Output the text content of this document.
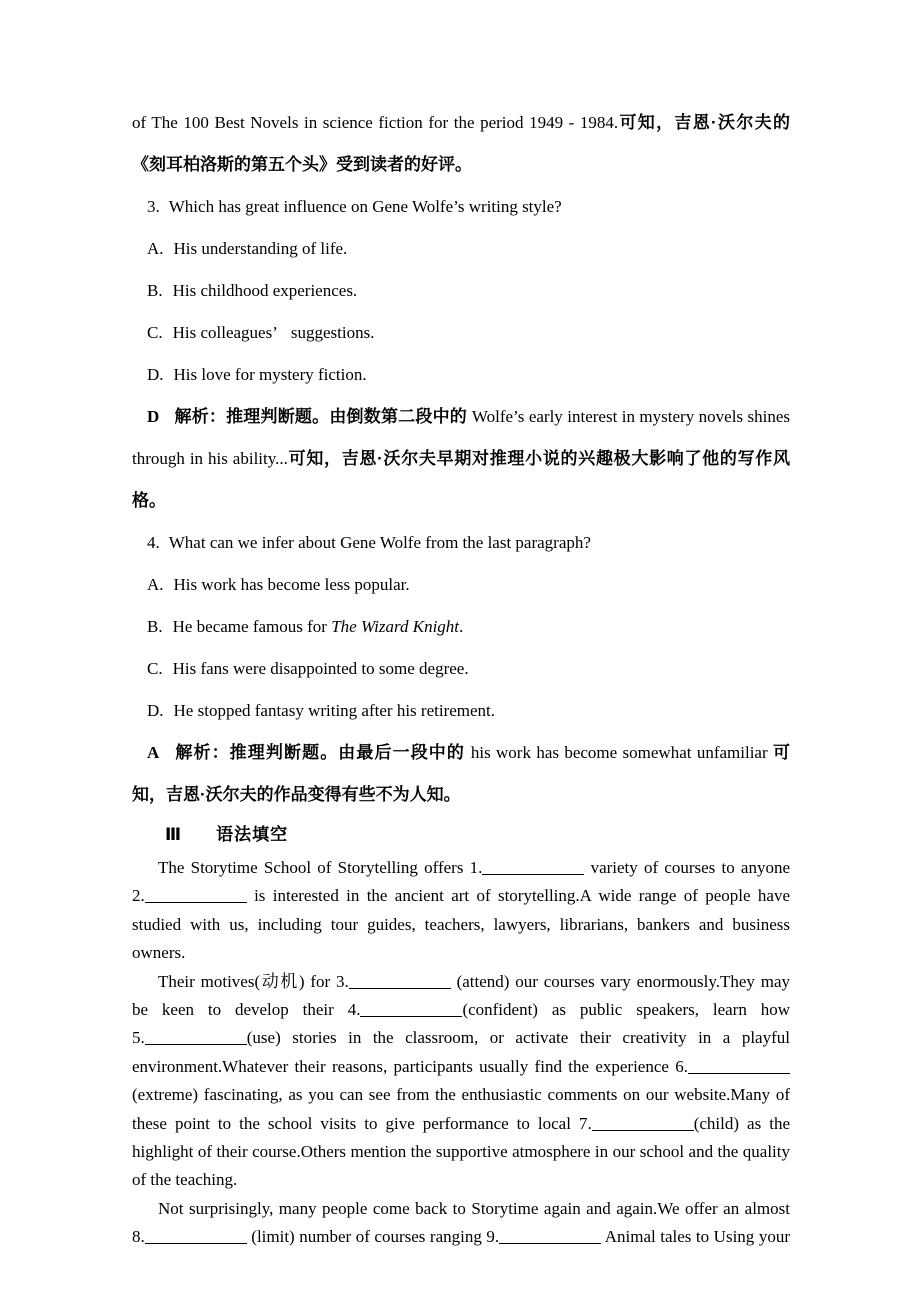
of The 100 Best Novels in science fiction for the period 1949 - 1984.可知，吉恩·沃尔夫的《刻耳柏洛斯的第五个头》受到读者的好评。

3. Which has great influence on Gene Wolfe’s writing style?

A. His understanding of life.

B. His childhood experiences.

C. His colleagues’ suggestions.

D. His love for mystery fiction.

D 解析：推理判断题。由倒数第二段中的 Wolfe’s early interest in mystery novels shines through in his ability...可知，吉恩·沃尔夫早期对推理小说的兴趣极大影响了他的写作风格。

4. What can we infer about Gene Wolfe from the last paragraph?

A. His work has become less popular.

B. He became famous for The Wizard Knight.

C. His fans were disappointed to some degree.

D. He stopped fantasy writing after his retirement.

A 解析：推理判断题。由最后一段中的 his work has become somewhat unfamiliar 可知，吉恩·沃尔夫的作品变得有些不为人知。

Ⅲ 语法填空

The Storytime School of Storytelling offers 1.	variety of courses to anyone 2.	is interested in the ancient art of storytelling.A wide range of people have studied with us, including tour guides, teachers, lawyers, librarians, bankers and business owners.

Their motives(动机) for 3.	(attend) our courses vary enormously.They may be keen to develop their 4.	(confident) as public speakers, learn how 5.	(use) stories in the classroom, or activate their creativity in a playful environment.Whatever their reasons, participants usually find the experience 6.(extreme) fascinating, as you can see from the enthusiastic comments on our website.Many of these point to the school visits to give performance to local 7.	(child) as the highlight of their course.Others mention the supportive atmosphere in our school and the quality of the teaching.

Not surprisingly, many people come back to Storytime again and again.We offer an almost 8.	(limit) number of courses ranging 9.	Animal tales to Using your
